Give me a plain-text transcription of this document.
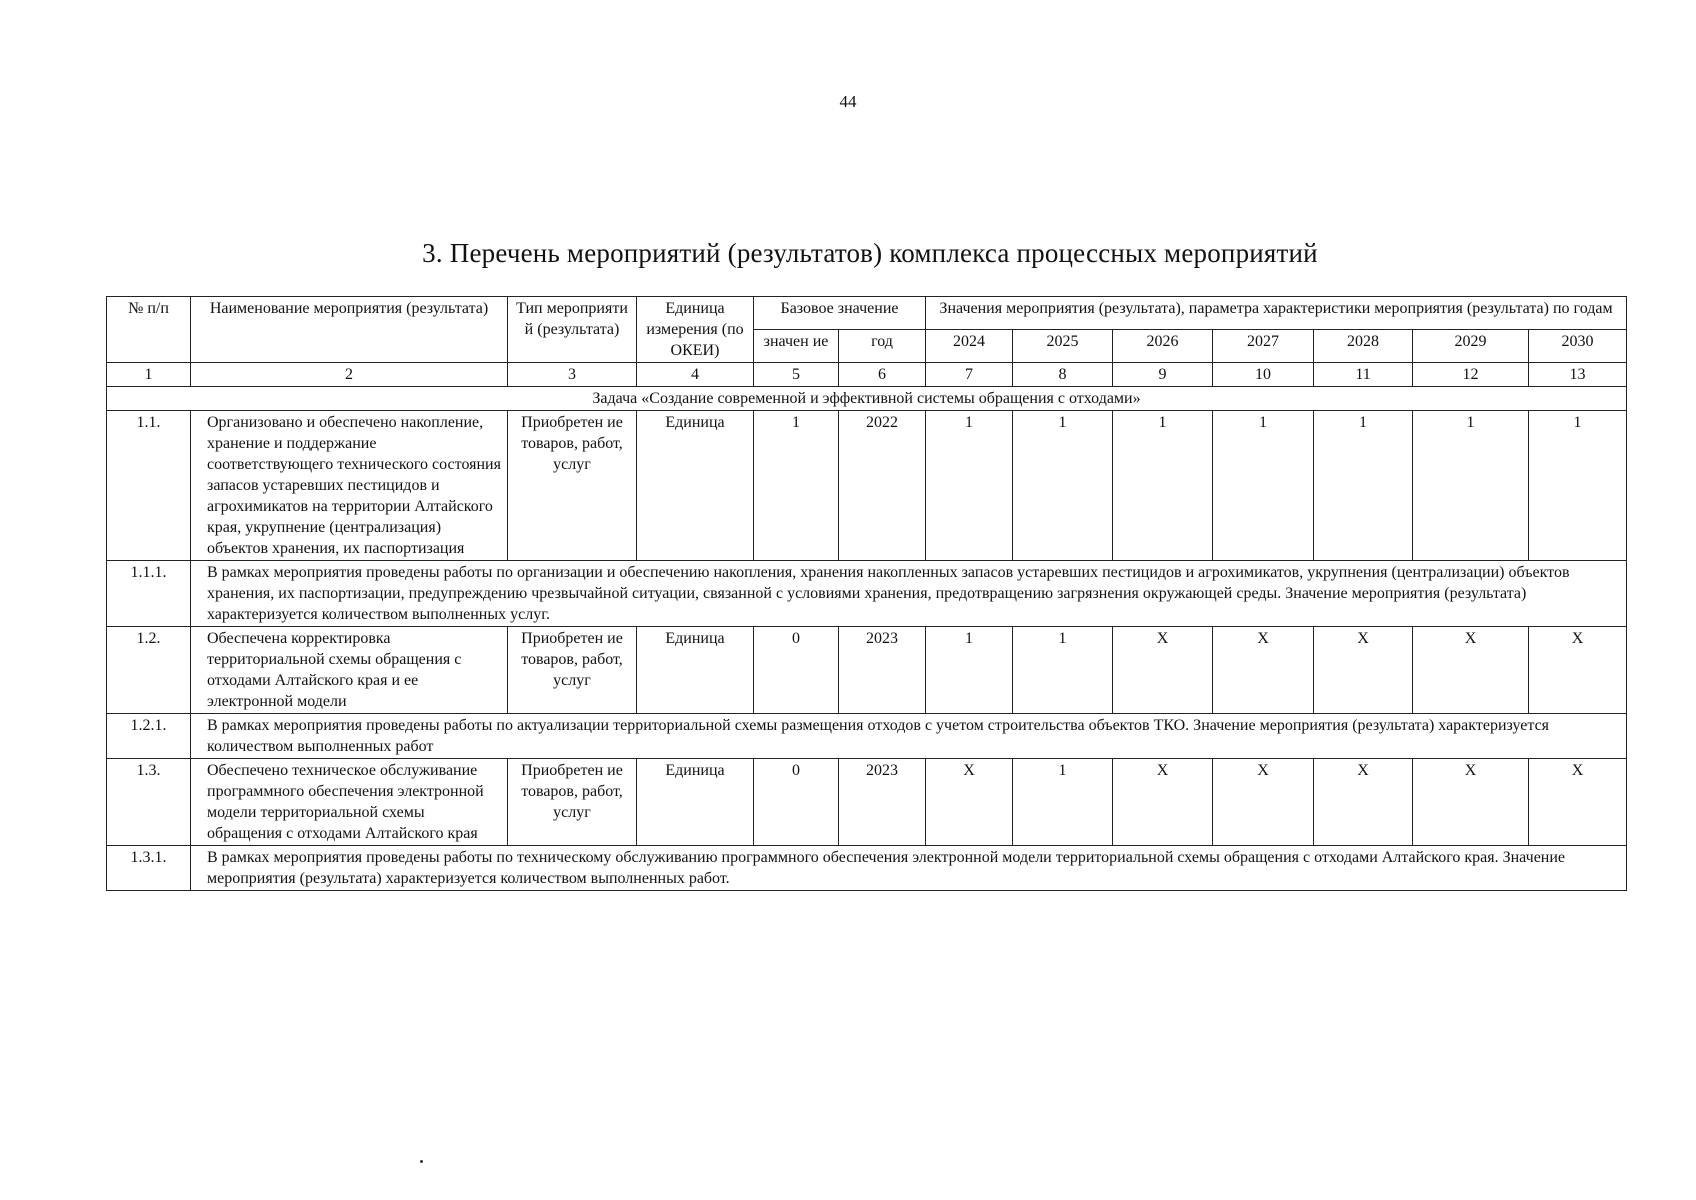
44
3. Перечень мероприятий (результатов) комплекса процессных мероприятий
№ п/п	Наименование мероприятия (результата)	Тип мероприяти й (результата)	Единица измерения (по ОКЕИ)	Базовое значение		Значения мероприятия (результата), параметра характеристики мероприятия (результата) по годам						
				значен ие	год	2024	2025	2026	2027	2028	2029	2030
1	2	3	4	5	6	7	8	9	10	11	12	13
Задача «Создание современной и эффективной системы обращения с отходами»												
1.1.	Организовано и обеспечено накопление, хранение и поддержание соответствующего технического состояния запасов устаревших пестицидов и агрохимикатов на территории Алтайского края, укрупнение (централизация) объектов хранения, их паспортизация	Приобретен ие товаров, работ, услуг	Единица	1	2022	1	1	1	1	1	1	1
1.1.1.	В рамках мероприятия проведены работы по организации и обеспечению накопления, хранения накопленных запасов устаревших пестицидов и агрохимикатов, укрупнения (централизации) объектов хранения, их паспортизации, предупреждению чрезвычайной ситуации, связанной с условиями хранения, предотвращению загрязнения окружающей среды. Значение мероприятия (результата) характеризуется количеством выполненных услуг.											
1.2.	Обеспечена корректировка территориальной схемы обращения с отходами Алтайского края и ее электронной модели	Приобретен ие товаров, работ, услуг	Единица	0	2023	1	1	X	X	X	X	X
1.2.1.	В рамках мероприятия проведены работы по актуализации территориальной схемы размещения отходов с учетом строительства объектов ТКО. Значение мероприятия (результата) характеризуется количеством выполненных работ											
1.3.	Обеспечено техническое обслуживание программного обеспечения электронной модели территориальной схемы обращения с отходами Алтайского края	Приобретен ие товаров, работ, услуг	Единица	0	2023	X	1	X	X	X	X	X
1.3.1.	В рамках мероприятия проведены работы по техническому обслуживанию программного обеспечения электронной модели территориальной схемы обращения с отходами Алтайского края. Значение мероприятия (результата) характеризуется количеством выполненных работ.											
